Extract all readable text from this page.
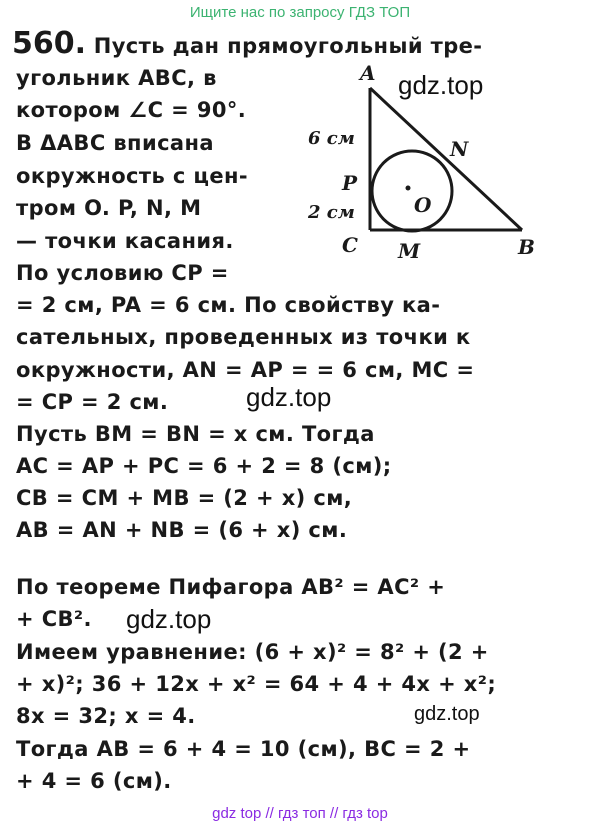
Ищите нас по запросу ГДЗ ТОП
560. Пусть дан прямоугольный тре-
угольник ABC, в
котором ∠C = 90°.
В ΔABC вписана
окружность с цен-
тром O. P, N, M
— точки касания.
По условию CP =
= 2 см, PA = 6 см. По свойству ка-
сательных, проведенных из точки к
окружности, AN = AP = = 6 см, MC =
= CP = 2 см.
Пусть BM = BN = x см. Тогда
AC = AP + PC = 6 + 2 = 8 (см);
CB = CM + MB = (2 + x) см,
AB = AN + NB = (6 + x) см.
По теореме Пифагора AB² = AC² +
+ CB².
Имеем уравнение: (6 + x)² = 8² + (2 +
+ x)²; 36 + 12x + x² = 64 + 4 + 4x + x²;
8x = 32; x = 4.
Тогда AB = 6 + 4 = 10 (см), BC = 2 +
+ 4 = 6 (см).
A
N
P
O
C M	B
6 см
2 см
gdz.top
gdz.top
gdz.top
gdz.top
gdz top // гдз топ // гдз top
